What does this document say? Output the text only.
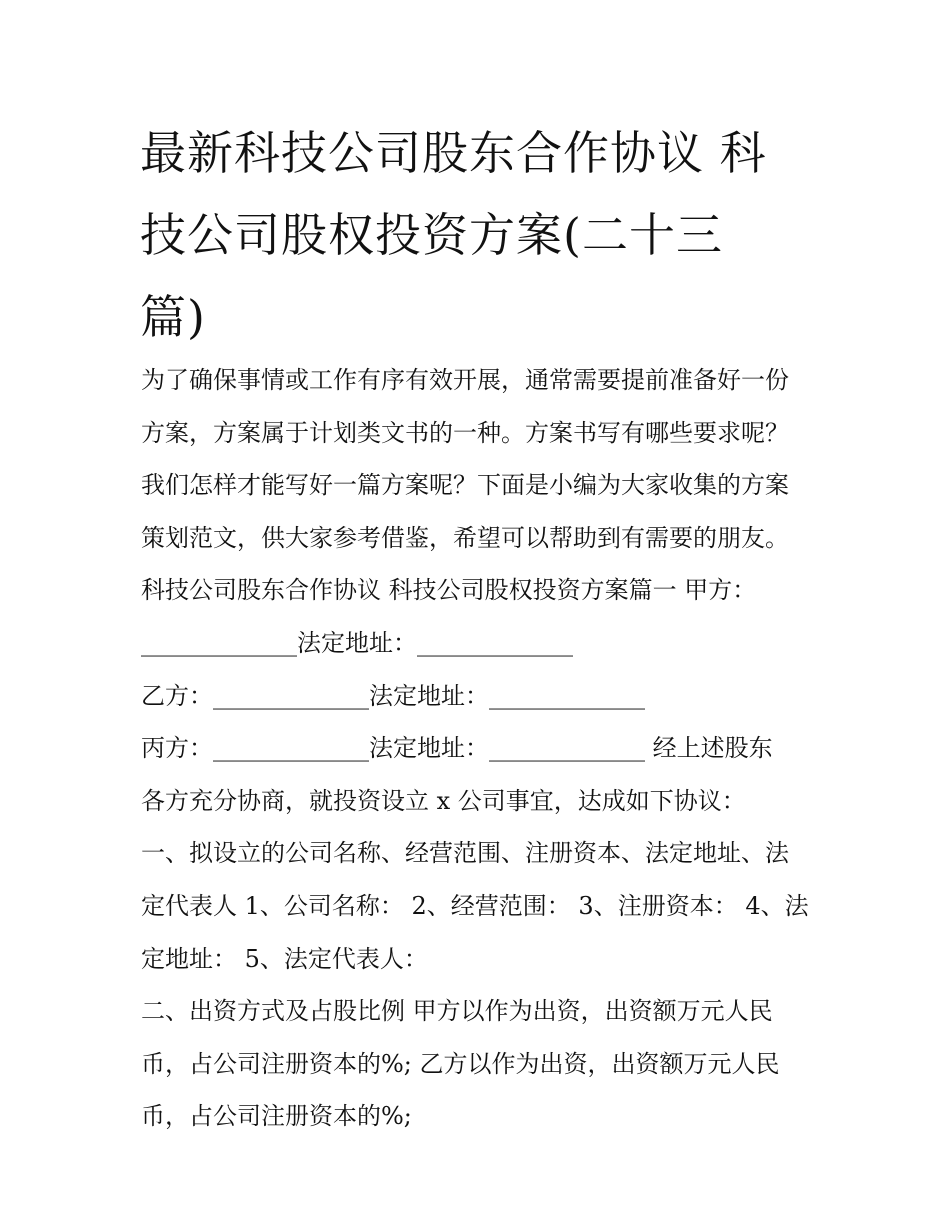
最新科技公司股东合作协议 科
技公司股权投资方案(二十三
篇)
为了确保事情或工作有序有效开展，通常需要提前准备好一份
方案，方案属于计划类文书的一种。方案书写有哪些要求呢？
我们怎样才能写好一篇方案呢？下面是小编为大家收集的方案
策划范文，供大家参考借鉴，希望可以帮助到有需要的朋友。
科技公司股东合作协议 科技公司股权投资方案篇一 甲方：
_____________法定地址：_____________
乙方：_____________法定地址：_____________
丙方：_____________法定地址：_____________ 经上述股东
各方充分协商，就投资设立 x 公司事宜，达成如下协议：
一、拟设立的公司名称、经营范围、注册资本、法定地址、法
定代表人 1、公司名称： 2、经营范围： 3、注册资本： 4、法
定地址： 5、法定代表人：
二、出资方式及占股比例 甲方以作为出资，出资额万元人民
币，占公司注册资本的%; 乙方以作为出资，出资额万元人民
币，占公司注册资本的%;
